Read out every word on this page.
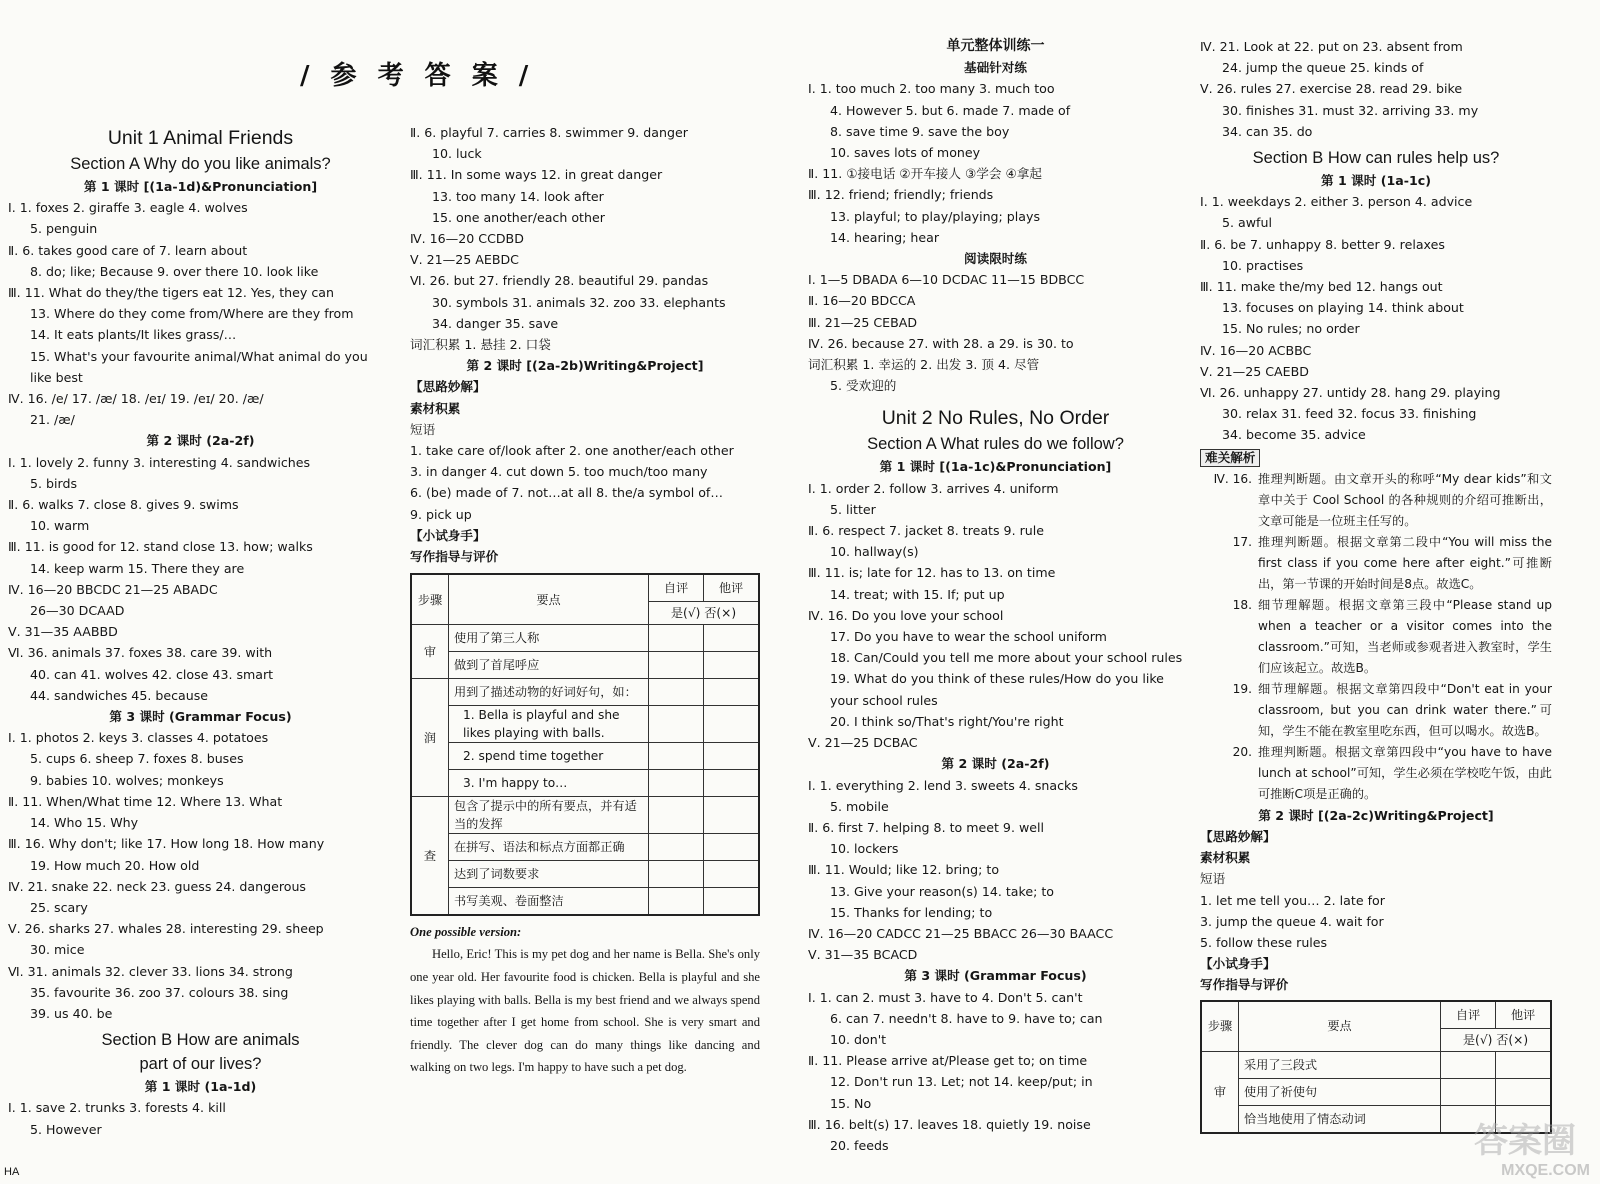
/ 参 考 答 案 /
Unit 1 Animal Friends
Section A Why do you like animals?
第 1 课时 [(1a-1d)&Pronunciation]
Ⅰ. 1. foxes 2. giraffe 3. eagle 4. wolves
5. penguin
Ⅱ. 6. takes good care of 7. learn about
8. do; like; Because 9. over there 10. look like
Ⅲ. 11. What do they/the tigers eat 12. Yes, they can
13. Where do they come from/Where are they from
14. It eats plants/It likes grass/…
15. What's your favourite animal/What animal do you
like best
Ⅳ. 16. /e/ 17. /æ/ 18. /eɪ/ 19. /eɪ/ 20. /æ/
21. /æ/
第 2 课时 (2a-2f)
Ⅰ. 1. lovely 2. funny 3. interesting 4. sandwiches
5. birds
Ⅱ. 6. walks 7. close 8. gives 9. swims
10. warm
Ⅲ. 11. is good for 12. stand close 13. how; walks
14. keep warm 15. There they are
Ⅳ. 16—20 BBCDC 21—25 ABADC
26—30 DCAAD
Ⅴ. 31—35 AABBD
Ⅵ. 36. animals 37. foxes 38. care 39. with
40. can 41. wolves 42. close 43. smart
44. sandwiches 45. because
第 3 课时 (Grammar Focus)
Ⅰ. 1. photos 2. keys 3. classes 4. potatoes
5. cups 6. sheep 7. foxes 8. buses
9. babies 10. wolves; monkeys
Ⅱ. 11. When/What time 12. Where 13. What
14. Who 15. Why
Ⅲ. 16. Why don't; like 17. How long 18. How many
19. How much 20. How old
Ⅳ. 21. snake 22. neck 23. guess 24. dangerous
25. scary
Ⅴ. 26. sharks 27. whales 28. interesting 29. sheep
30. mice
Ⅵ. 31. animals 32. clever 33. lions 34. strong
35. favourite 36. zoo 37. colours 38. sing
39. us 40. be
Section B How are animals
part of our lives?
第 1 课时 (1a-1d)
Ⅰ. 1. save 2. trunks 3. forests 4. kill
5. However
Ⅱ. 6. playful 7. carries 8. swimmer 9. danger
10. luck
Ⅲ. 11. In some ways 12. in great danger
13. too many 14. look after
15. one another/each other
Ⅳ. 16—20 CCDBD
Ⅴ. 21—25 AEBDC
Ⅵ. 26. but 27. friendly 28. beautiful 29. pandas
30. symbols 31. animals 32. zoo 33. elephants
34. danger 35. save
词汇积累 1. 悬挂 2. 口袋
第 2 课时 [(2a-2b)Writing&Project]
【思路妙解】
素材积累
短语
1. take care of/look after 2. one another/each other
3. in danger 4. cut down 5. too much/too many
6. (be) made of 7. not…at all 8. the/a symbol of…
9. pick up
【小试身手】
写作指导与评价
步骤	要点	自评	他评
		是(√) 否(×)	
审	使用了第三人称		
	做到了首尾呼应		
润	用到了描述动物的好词好句，如：		
	1. Bella is playful and she likes playing with balls.		
	2. spend time together		
	3. I'm happy to…		
查	包含了提示中的所有要点，并有适当的发挥		
	在拼写、语法和标点方面都正确		
	达到了词数要求		
	书写美观、卷面整洁		
One possible version:
Hello, Eric! This is my pet dog and her name is Bella. She's only one year old. Her favourite food is chicken. Bella is playful and she likes playing with balls. Bella is my best friend and we always spend time together after I get home from school. She is very smart and friendly. The clever dog can do many things like dancing and walking on two legs. I'm happy to have such a pet dog.
单元整体训练一
基础针对练
Ⅰ. 1. too much 2. too many 3. much too
4. However 5. but 6. made 7. made of
8. save time 9. save the boy
10. saves lots of money
Ⅱ. 11. ①接电话 ②开车接人 ③学会 ④拿起
Ⅲ. 12. friend; friendly; friends
13. playful; to play/playing; plays
14. hearing; hear
阅读限时练
Ⅰ. 1—5 DBADA 6—10 DCDAC 11—15 BDBCC
Ⅱ. 16—20 BDCCA
Ⅲ. 21—25 CEBAD
Ⅳ. 26. because 27. with 28. a 29. is 30. to
词汇积累 1. 幸运的 2. 出发 3. 顶 4. 尽管
5. 受欢迎的
Unit 2 No Rules, No Order
Section A What rules do we follow?
第 1 课时 [(1a-1c)&Pronunciation]
Ⅰ. 1. order 2. follow 3. arrives 4. uniform
5. litter
Ⅱ. 6. respect 7. jacket 8. treats 9. rule
10. hallway(s)
Ⅲ. 11. is; late for 12. has to 13. on time
14. treat; with 15. If; put up
Ⅳ. 16. Do you love your school
17. Do you have to wear the school uniform
18. Can/Could you tell me more about your school rules
19. What do you think of these rules/How do you like
your school rules
20. I think so/That's right/You're right
Ⅴ. 21—25 DCBAC
第 2 课时 (2a-2f)
Ⅰ. 1. everything 2. lend 3. sweets 4. snacks
5. mobile
Ⅱ. 6. first 7. helping 8. to meet 9. well
10. lockers
Ⅲ. 11. Would; like 12. bring; to
13. Give your reason(s) 14. take; to
15. Thanks for lending; to
Ⅳ. 16—20 CADCC 21—25 BBACC 26—30 BAACC
Ⅴ. 31—35 BCACD
第 3 课时 (Grammar Focus)
Ⅰ. 1. can 2. must 3. have to 4. Don't 5. can't
6. can 7. needn't 8. have to 9. have to; can
10. don't
Ⅱ. 11. Please arrive at/Please get to; on time
12. Don't run 13. Let; not 14. keep/put; in
15. No
Ⅲ. 16. belt(s) 17. leaves 18. quietly 19. noise
20. feeds
Ⅳ. 21. Look at 22. put on 23. absent from
24. jump the queue 25. kinds of
Ⅴ. 26. rules 27. exercise 28. read 29. bike
30. finishes 31. must 32. arriving 33. my
34. can 35. do
Section B How can rules help us?
第 1 课时 (1a-1c)
Ⅰ. 1. weekdays 2. either 3. person 4. advice
5. awful
Ⅱ. 6. be 7. unhappy 8. better 9. relaxes
10. practises
Ⅲ. 11. make the/my bed 12. hangs out
13. focuses on playing 14. think about
15. No rules; no order
Ⅳ. 16—20 ACBBC
Ⅴ. 21—25 CAEBD
Ⅵ. 26. unhappy 27. untidy 28. hang 29. playing
30. relax 31. feed 32. focus 33. finishing
34. become 35. advice
难关解析
Ⅳ. 16. 推理判断题。由文章开头的称呼“My dear kids”和文章中关于 Cool School 的各种规则的介绍可推断出，文章可能是一位班主任写的。
17. 推理判断题。根据文章第二段中“You will miss the first class if you come here after eight.”可推断出，第一节课的开始时间是8点。故选C。
18. 细节理解题。根据文章第三段中“Please stand up when a teacher or a visitor comes into the classroom.”可知，当老师或参观者进入教室时，学生们应该起立。故选B。
19. 细节理解题。根据文章第四段中“Don't eat in your classroom, but you can drink water there.”可知，学生不能在教室里吃东西，但可以喝水。故选B。
20. 推理判断题。根据文章第四段中“you have to have lunch at school”可知，学生必须在学校吃午饭，由此可推断C项是正确的。
第 2 课时 [(2a-2c)Writing&Project]
【思路妙解】
素材积累
短语
1. let me tell you… 2. late for
3. jump the queue 4. wait for
5. follow these rules
【小试身手】
写作指导与评价
步骤	要点	自评	他评
		是(√) 否(×)	
审	采用了三段式		
	使用了祈使句		
	恰当地使用了情态动词		
HA
答案圈
MXQE.COM
